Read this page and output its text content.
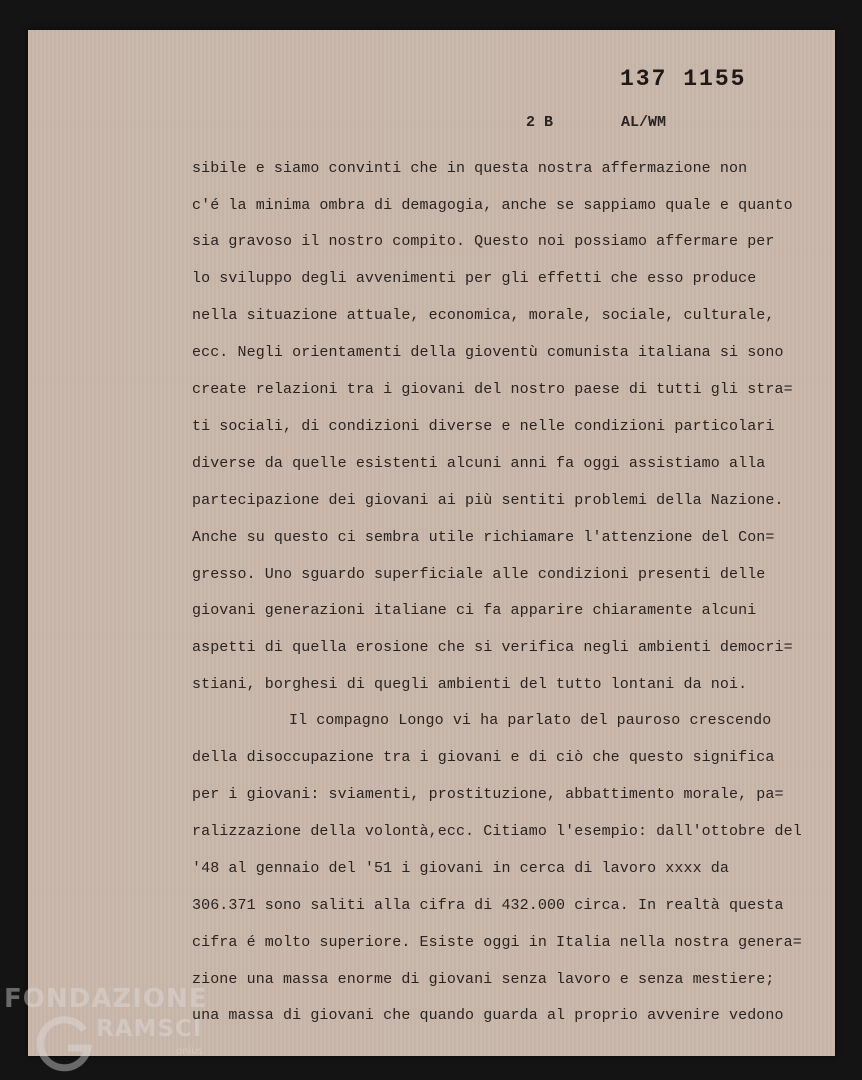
137 1155
2 B	AL/WM
sibile e siamo convinti che in questa nostra affermazione non
c'é la minima ombra di demagogia, anche se sappiamo quale e quanto
sia gravoso il nostro compito. Questo noi possiamo affermare per
lo sviluppo degli avvenimenti per gli effetti che esso produce
nella situazione attuale, economica, morale, sociale, culturale,
ecc. Negli orientamenti della gioventù comunista italiana si sono
create relazioni tra i giovani del nostro paese di tutti gli stra=
ti sociali, di condizioni diverse e nelle condizioni particolari
diverse da quelle esistenti alcuni anni fa oggi assistiamo alla
partecipazione dei giovani ai più sentiti problemi della Nazione.
Anche su questo ci sembra utile richiamare l'attenzione del Con=
gresso. Uno sguardo superficiale alle condizioni presenti delle
giovani generazioni italiane ci fa apparire chiaramente alcuni
aspetti di quella erosione che si verifica negli ambienti democri=
stiani, borghesi di quegli ambienti del tutto lontani da noi.
Il compagno Longo vi ha parlato del pauroso crescendo
della disoccupazione tra i giovani e di ciò che questo significa
per i giovani: sviamenti, prostituzione, abbattimento morale, pa=
ralizzazione della volontà,ecc. Citiamo l'esempio: dall'ottobre del
'48 al gennaio del '51 i giovani in cerca di lavoro xxxx da
306.371 sono saliti alla cifra di 432.000 circa. In realtà questa
cifra é molto superiore. Esiste oggi in Italia nella nostra genera=
zione una massa enorme di giovani senza lavoro e senza mestiere;
una massa di giovani che quando guarda al proprio avvenire vedono
FONDAZIONE
RAMSCI
onlus
